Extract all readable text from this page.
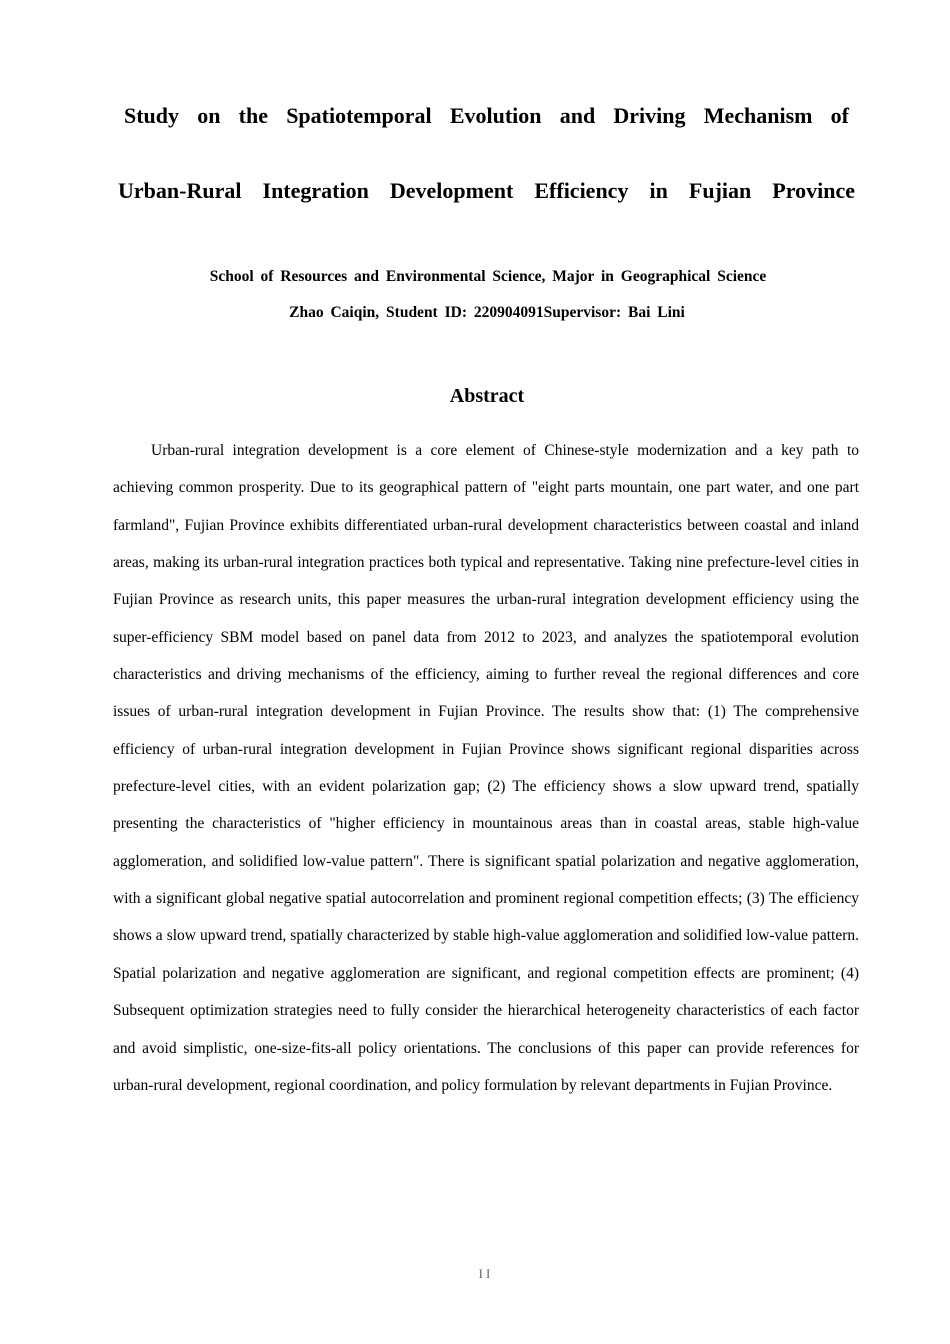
Study on the Spatiotemporal Evolution and Driving Mechanism of
Urban-Rural Integration Development Efficiency in Fujian Province
School of Resources and Environmental Science, Major in Geographical Science
Zhao Caiqin, Student ID: 220904091Supervisor: Bai Lini
Abstract

Urban-rural integration development is a core element of Chinese-style modernization and a key path to achieving common prosperity. Due to its geographical pattern of "eight parts mountain, one part water, and one part farmland", Fujian Province exhibits differentiated urban-rural development characteristics between coastal and inland areas, making its urban-rural integration practices both typical and representative. Taking nine prefecture-level cities in Fujian Province as research units, this paper measures the urban-rural integration development efficiency using the super-efficiency SBM model based on panel data from 2012 to 2023, and analyzes the spatiotemporal evolution characteristics and driving mechanisms of the efficiency, aiming to further reveal the regional differences and core issues of urban-rural integration development in Fujian Province. The results show that: (1) The comprehensive efficiency of urban-rural integration development in Fujian Province shows significant regional disparities across prefecture-level cities, with an evident polarization gap; (2) The efficiency shows a slow upward trend, spatially presenting the characteristics of "higher efficiency in mountainous areas than in coastal areas, stable high-value agglomeration, and solidified low-value pattern". There is significant spatial polarization and negative agglomeration, with a significant global negative spatial autocorrelation and prominent regional competition effects; (3) The efficiency shows a slow upward trend, spatially characterized by stable high-value agglomeration and solidified low-value pattern. Spatial polarization and negative agglomeration are significant, and regional competition effects are prominent; (4) Subsequent optimization strategies need to fully consider the hierarchical heterogeneity characteristics of each factor and avoid simplistic, one-size-fits-all policy orientations. The conclusions of this paper can provide references for urban-rural development, regional coordination, and policy formulation by relevant departments in Fujian Province.

II
